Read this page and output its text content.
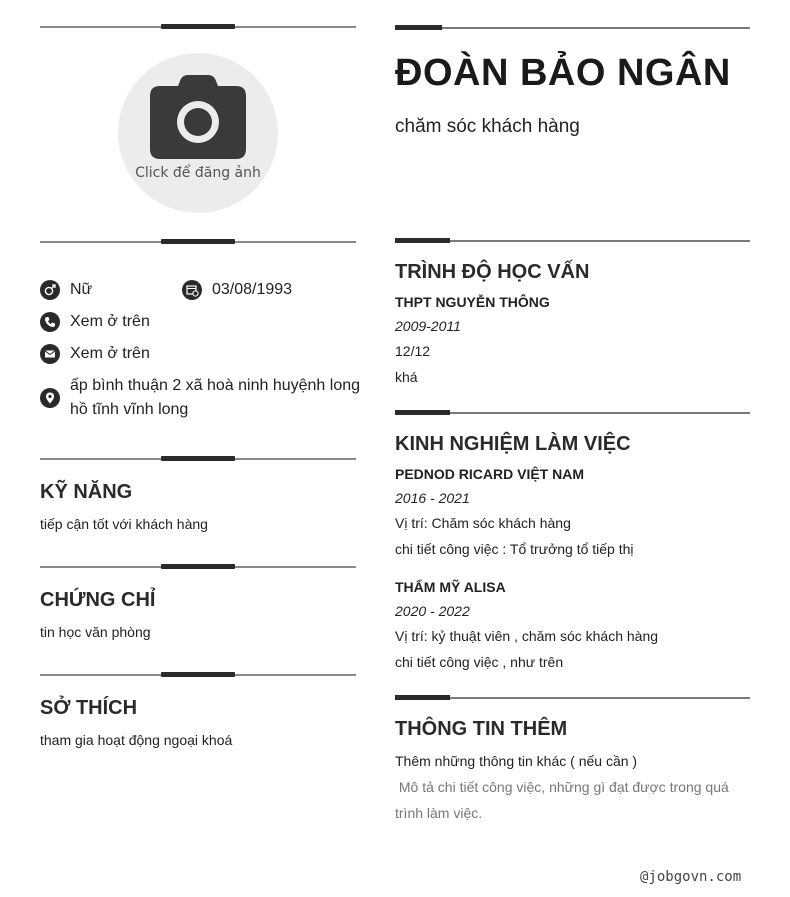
Click để đăng ảnh
Nữ	03/08/1993
Xem ở trên
Xem ở trên
ấp bình thuận 2 xã hoà ninh huyệnh long
hồ tĩnh vĩnh long
KỸ NĂNG
tiếp cận tốt với khách hàng
CHỨNG CHỈ
tin học văn phòng
SỞ THÍCH
tham gia hoạt động ngoại khoá
ĐOÀN BẢO NGÂN
chăm sóc khách hàng
TRÌNH ĐỘ HỌC VẤN
THPT NGUYỄN THÔNG
2009-2011
12/12
khá
KINH NGHIỆM LÀM VIỆC
PEDNOD RICARD VIỆT NAM
2016 - 2021
Vị trí: Chăm sóc khách hàng
chi tiết công việc : Tổ trưởng tổ tiếp thị
THẨM MỸ ALISA
2020 - 2022
Vị trí: kỷ thuật viên , chăm sóc khách hàng
chi tiết công việc , như trên
THÔNG TIN THÊM
Thêm những thông tin khác ( nếu cần )
Mô tả chi tiết công việc, những gì đạt được trong quá
trình làm việc.
@jobgovn.com
